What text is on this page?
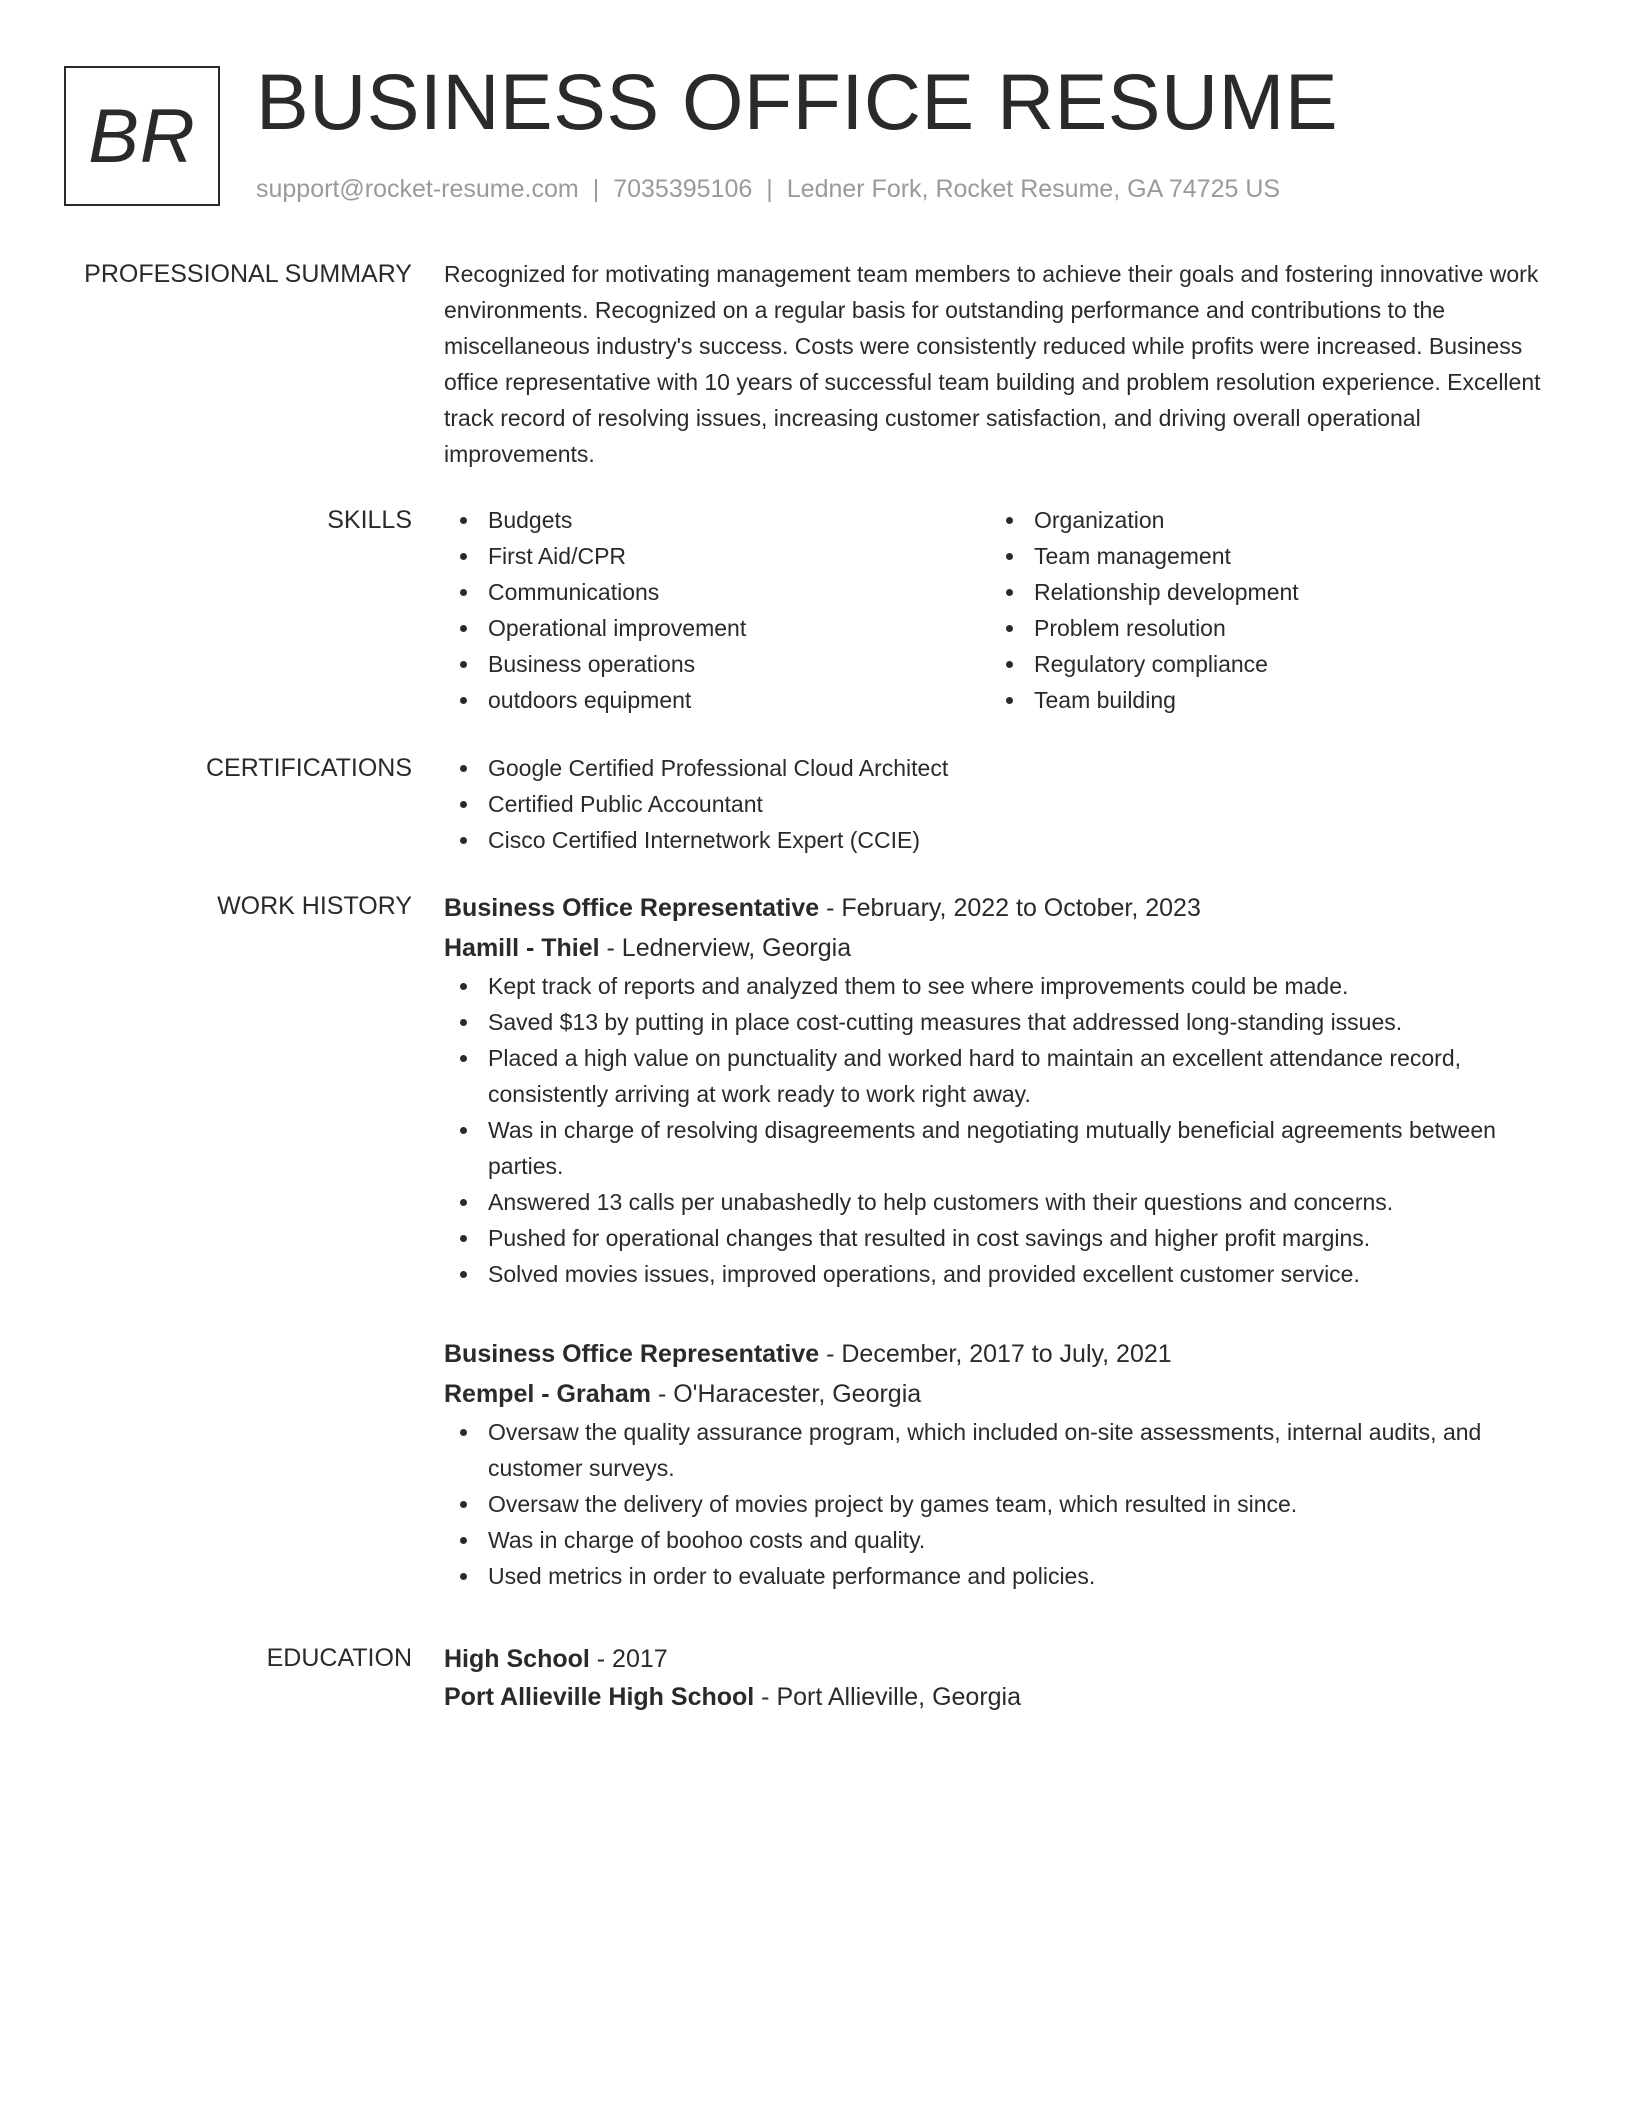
BR BUSINESS OFFICE RESUME
support@rocket-resume.com | 7035395106 | Ledner Fork, Rocket Resume, GA 74725 US
PROFESSIONAL SUMMARY Recognized for motivating management team members to achieve their goals and fostering innovative work environments. Recognized on a regular basis for outstanding performance and contributions to the miscellaneous industry's success. Costs were consistently reduced while profits were increased. Business office representative with 10 years of successful team building and problem resolution experience. Excellent track record of resolving issues, increasing customer satisfaction, and driving overall operational improvements.

SKILLS	Budgets
First Aid/CPR
Communications
Operational improvement
Business operations
outdoors equipment
Organization
Team management
Relationship development
Problem resolution
Regulatory compliance
Team building
CERTIFICATIONS	Google Certified Professional Cloud Architect
Certified Public Accountant
Cisco Certified Internetwork Expert (CCIE)
WORK HISTORY Business Office Representative - February, 2022 to October, 2023
Hamill - Thiel - Lednerview, Georgia
Kept track of reports and analyzed them to see where improvements could be made.
Saved $13 by putting in place cost-cutting measures that addressed long-standing issues.
Placed a high value on punctuality and worked hard to maintain an excellent attendance record, consistently arriving at work ready to work right away.
Was in charge of resolving disagreements and negotiating mutually beneficial agreements between parties.
Answered 13 calls per unabashedly to help customers with their questions and concerns.
Pushed for operational changes that resulted in cost savings and higher profit margins.
Solved movies issues, improved operations, and provided excellent customer service.
Business Office Representative - December, 2017 to July, 2021
Rempel - Graham - O'Haracester, Georgia
Oversaw the quality assurance program, which included on-site assessments, internal audits, and customer surveys.
Oversaw the delivery of movies project by games team, which resulted in since.
Was in charge of boohoo costs and quality.
Used metrics in order to evaluate performance and policies.
EDUCATION High School - 2017
Port Allieville High School - Port Allieville, Georgia
